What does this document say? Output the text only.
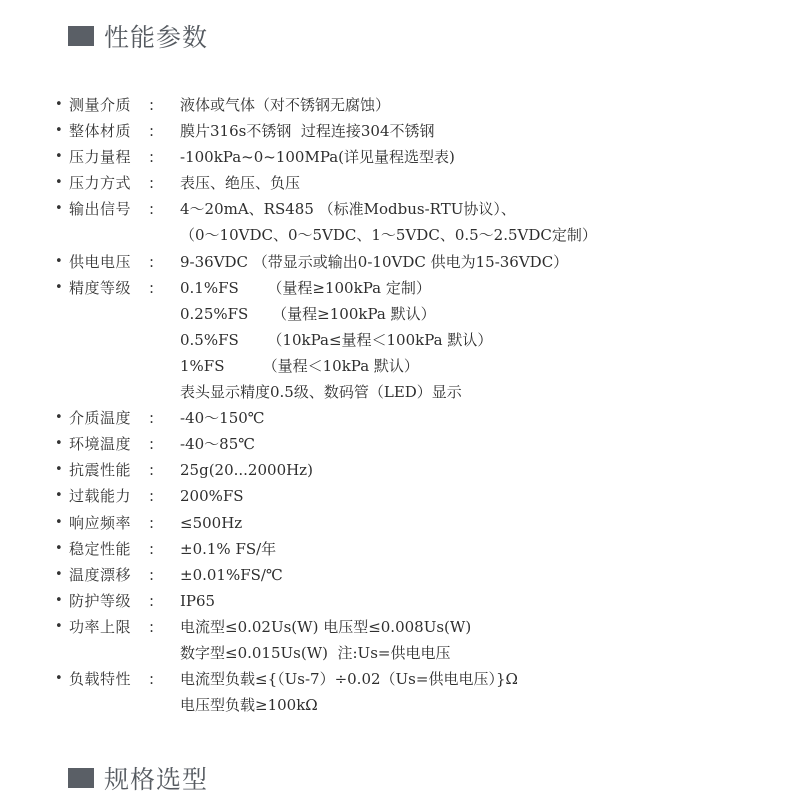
性能参数
• 测量介质	:	液体或气体（对不锈钢无腐蚀）
• 整体材质	:	膜片316s不锈钢  过程连接304不锈钢
• 压力量程	:	-100kPa~0~100MPa(详见量程选型表)
• 压力方式	:	表压、绝压、负压
• 输出信号	:	4～20mA、RS485 （标准Modbus-RTU协议）、
（0～10VDC、0～5VDC、1～5VDC、0.5～2.5VDC定制）
• 供电电压	:	9-36VDC （带显示或输出0-10VDC 供电为15-36VDC）
• 精度等级	:	0.1%FS      （量程≥100kPa 定制）
0.25%FS     （量程≥100kPa 默认）
0.5%FS      （10kPa≤量程＜100kPa 默认）
1%FS        （量程＜10kPa 默认）
表头显示精度0.5级、数码管（LED）显示
• 介质温度	:	-40～150℃
• 环境温度	:	-40～85℃
• 抗震性能	:	25g(20...2000Hz)
• 过载能力	:	200%FS
• 响应频率	:	≤500Hz
• 稳定性能	:	±0.1% FS/年
• 温度漂移	:	±0.01%FS/℃
• 防护等级	:	IP65
• 功率上限	:	电流型≤0.02Us(W) 电压型≤0.008Us(W)
数字型≤0.015Us(W)  注:Us=供电电压
• 负载特性	:	电流型负载≤{（Us-7）÷0.02（Us=供电电压）}Ω
电压型负载≥100kΩ
规格选型
